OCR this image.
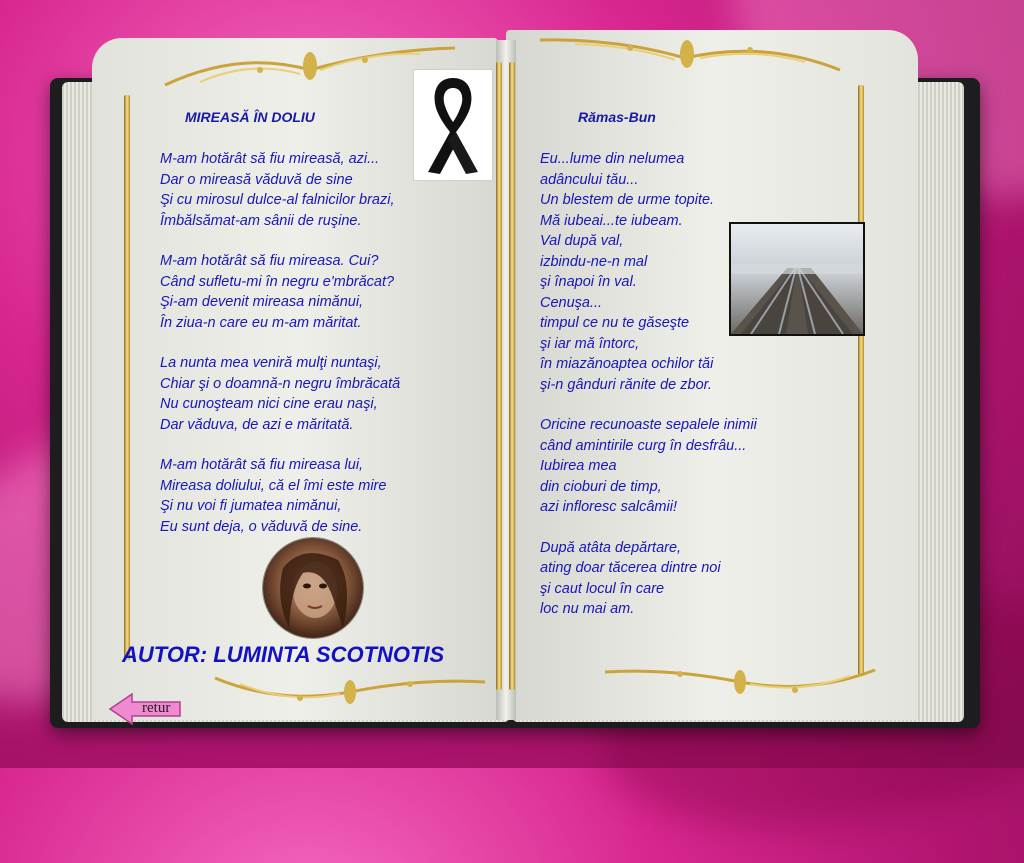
MIREASĂ ÎN DOLIU
M-am hotărât să fiu mireasă, azi...
Dar o mireasă văduvă de sine
Şi cu mirosul dulce-al falnicilor brazi,
Îmbălsămat-am sânii de ruşine.
M-am hotărât să fiu mireasa. Cui?
Când sufletu-mi în negru e'mbrăcat?
Şi-am devenit mireasa nimănui,
În ziua-n care eu m-am măritat.
La nunta mea veniră mulţi nuntaşi,
Chiar şi o doamnă-n negru îmbrăcată
Nu cunoşteam nici cine erau naşi,
Dar văduva, de azi e măritată.
M-am hotărât să fiu mireasa lui,
Mireasa doliului, că el îmi este mire
Şi nu voi fi jumatea nimănui,
Eu sunt deja, o văduvă de sine.
AUTOR: LUMINTA SCOTNOTIS
Rămas-Bun
Eu...lume din nelumea
adâncului tău...
Un blestem de urme topite.
Mă iubeai...te iubeam.
Val după val,
izbindu-ne-n mal
şi înapoi în val.
Cenuşa...
timpul ce nu te găseşte
şi iar mă întorc,
în miazănoaptea ochilor tăi
şi-n gânduri rănite de zbor.
Oricine recunoaste sepalele inimii
când amintirile curg în desfrâu...
Iubirea mea
din cioburi de timp,
azi infloresc salcâmii!
După atâta depărtare,
ating doar tăcerea dintre noi
şi caut locul în care
loc nu mai am.
retur
